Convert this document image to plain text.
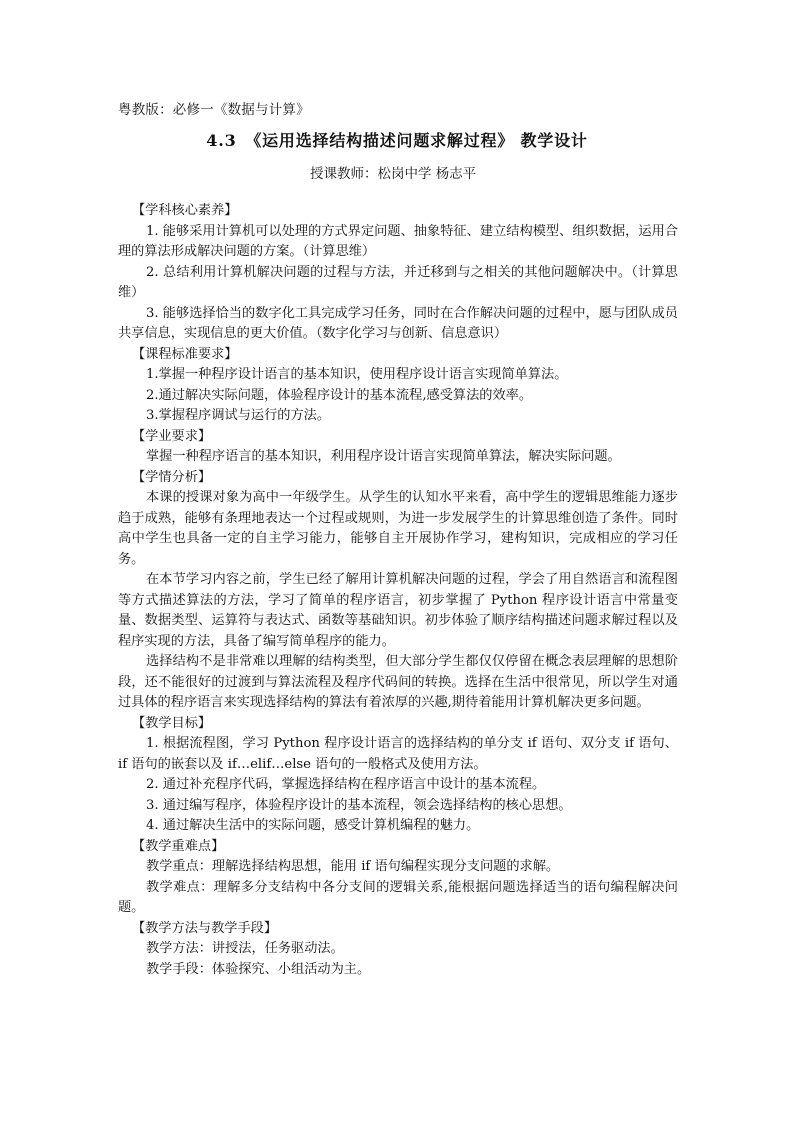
粤教版：必修一《数据与计算》
4.3　《运用选择结构描述问题求解过程》 教学设计
授课教师：松岗中学 杨志平

【学科核心素养】

1. 能够采用计算机可以处理的方式界定问题、抽象特征、建立结构模型、组织数据，运用合理的算法形成解决问题的方案。（计算思维）

2. 总结利用计算机解决问题的过程与方法，并迁移到与之相关的其他问题解决中。（计算思维）

3. 能够选择恰当的数字化工具完成学习任务，同时在合作解决问题的过程中，愿与团队成员共享信息，实现信息的更大价值。（数字化学习与创新、信息意识）

【课程标准要求】

1.掌握一种程序设计语言的基本知识，使用程序设计语言实现简单算法。

2.通过解决实际问题，体验程序设计的基本流程,感受算法的效率。

3.掌握程序调试与运行的方法。

【学业要求】

掌握一种程序语言的基本知识，利用程序设计语言实现简单算法，解决实际问题。

【学情分析】

本课的授课对象为高中一年级学生。从学生的认知水平来看，高中学生的逻辑思维能力逐步趋于成熟，能够有条理地表达一个过程或规则，为进一步发展学生的计算思维创造了条件。同时高中学生也具备一定的自主学习能力，能够自主开展协作学习，建构知识，完成相应的学习任务。

在本节学习内容之前，学生已经了解用计算机解决问题的过程，学会了用自然语言和流程图等方式描述算法的方法，学习了简单的程序语言，初步掌握了 Python 程序设计语言中常量变量、数据类型、运算符与表达式、函数等基础知识。初步体验了顺序结构描述问题求解过程以及程序实现的方法，具备了编写简单程序的能力。

选择结构不是非常难以理解的结构类型，但大部分学生都仅仅停留在概念表层理解的思想阶段，还不能很好的过渡到与算法流程及程序代码间的转换。选择在生活中很常见，所以学生对通过具体的程序语言来实现选择结构的算法有着浓厚的兴趣,期待着能用计算机解决更多问题。

【教学目标】

1. 根据流程图，学习 Python 程序设计语言的选择结构的单分支 if 语句、双分支 if 语句、if 语句的嵌套以及 if…elif…else 语句的一般格式及使用方法。

2. 通过补充程序代码，掌握选择结构在程序语言中设计的基本流程。

3. 通过编写程序，体验程序设计的基本流程，领会选择结构的核心思想。

4. 通过解决生活中的实际问题，感受计算机编程的魅力。

【教学重难点】

教学重点：理解选择结构思想，能用 if 语句编程实现分支问题的求解。

教学难点：理解多分支结构中各分支间的逻辑关系,能根据问题选择适当的语句编程解决问题。

【教学方法与教学手段】

教学方法：讲授法，任务驱动法。

教学手段：体验探究、小组活动为主。
